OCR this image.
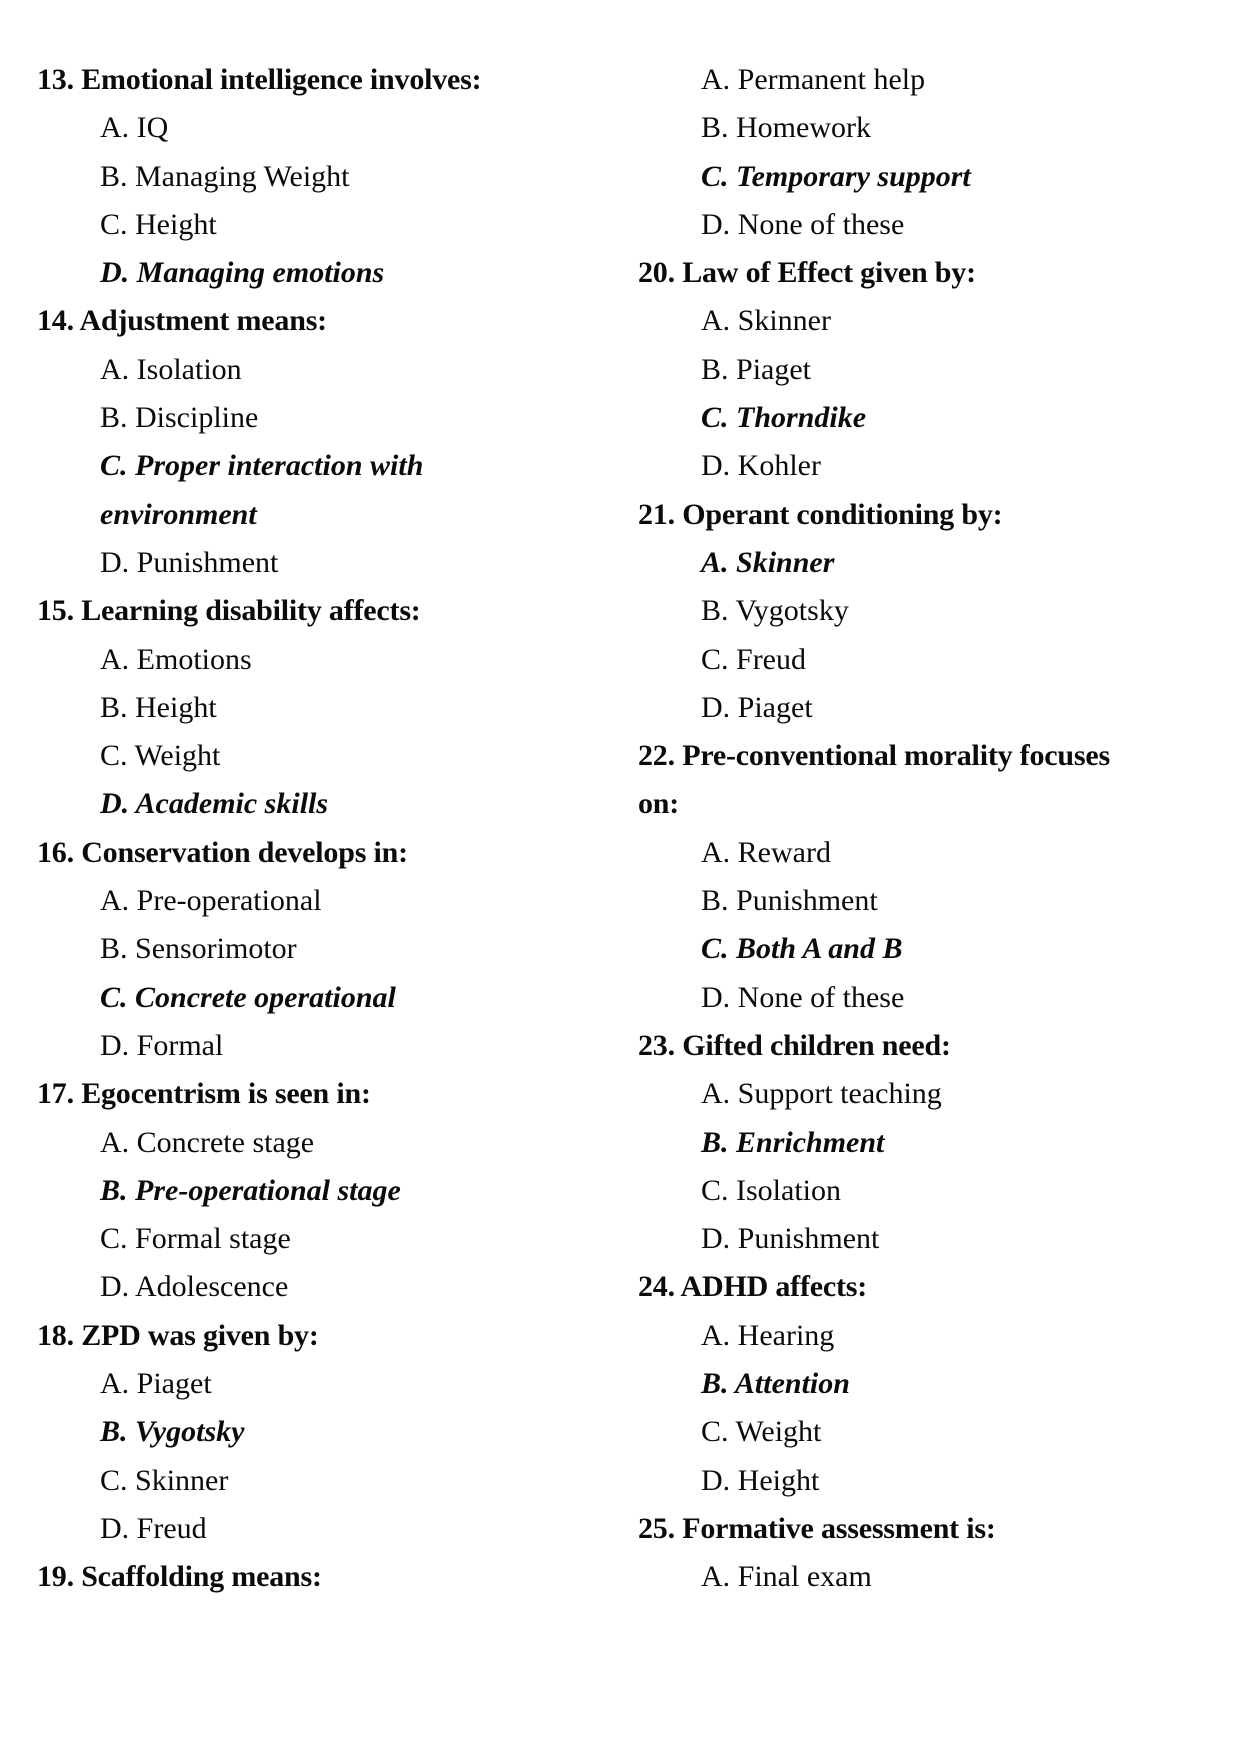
13. Emotional intelligence involves:
A. IQ
B. Managing Weight
C. Height
D. Managing emotions
14. Adjustment means:
A. Isolation
B. Discipline
C. Proper interaction with
environment
D. Punishment
15. Learning disability affects:
A. Emotions
B. Height
C. Weight
D. Academic skills
16. Conservation develops in:
A. Pre-operational
B. Sensorimotor
C. Concrete operational
D. Formal
17. Egocentrism is seen in:
A. Concrete stage
B. Pre-operational stage
C. Formal stage
D. Adolescence
18. ZPD was given by:
A. Piaget
B. Vygotsky
C. Skinner
D. Freud
19. Scaffolding means:
A. Permanent help
B. Homework
C. Temporary support
D. None of these
20. Law of Effect given by:
A. Skinner
B. Piaget
C. Thorndike
D. Kohler
21. Operant conditioning by:
A. Skinner
B. Vygotsky
C. Freud
D. Piaget
22. Pre-conventional morality focuses
on:
A. Reward
B. Punishment
C. Both A and B
D. None of these
23. Gifted children need:
A. Support teaching
B. Enrichment
C. Isolation
D. Punishment
24. ADHD affects:
A. Hearing
B. Attention
C. Weight
D. Height
25. Formative assessment is:
A. Final exam
